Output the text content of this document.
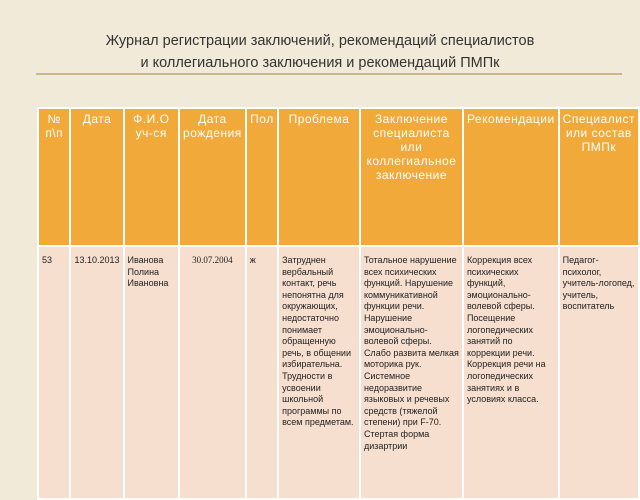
Журнал регистрации заключений, рекомендаций специалистов
и коллегиального заключения и рекомендаций ПМПк
№ п\п	Дата	Ф.И.О уч-ся	Дата рождения	Пол	Проблема	Заключение специалиста или коллегиальное заключение	Рекомендации	Специалист или состав ПМПк
53	13.10.2013	Иванова Полина Ивановна	30.07.2004	ж	Затруднен вербальный контакт, речь непонятна для окружающих, недостаточно понимает обращенную речь, в общении избирательна. Трудности в усвоении школьной программы по всем предметам.	Тотальное нарушение всех психических функций. Нарушение коммуникативной функции речи. Нарушение эмоционально-волевой сферы. Слабо развита мелкая моторика рук. Системное недоразвитие языковых и речевых средств (тяжелой степени) при F-70. Стертая форма дизартрии	Коррекция всех психических функций, эмоционально-волевой сферы. Посещение логопедических занятий по коррекции речи. Коррекция речи на логопедических занятиях и в условиях класса.	Педагог-психолог, учитель-логопед, учитель, воспитатель
